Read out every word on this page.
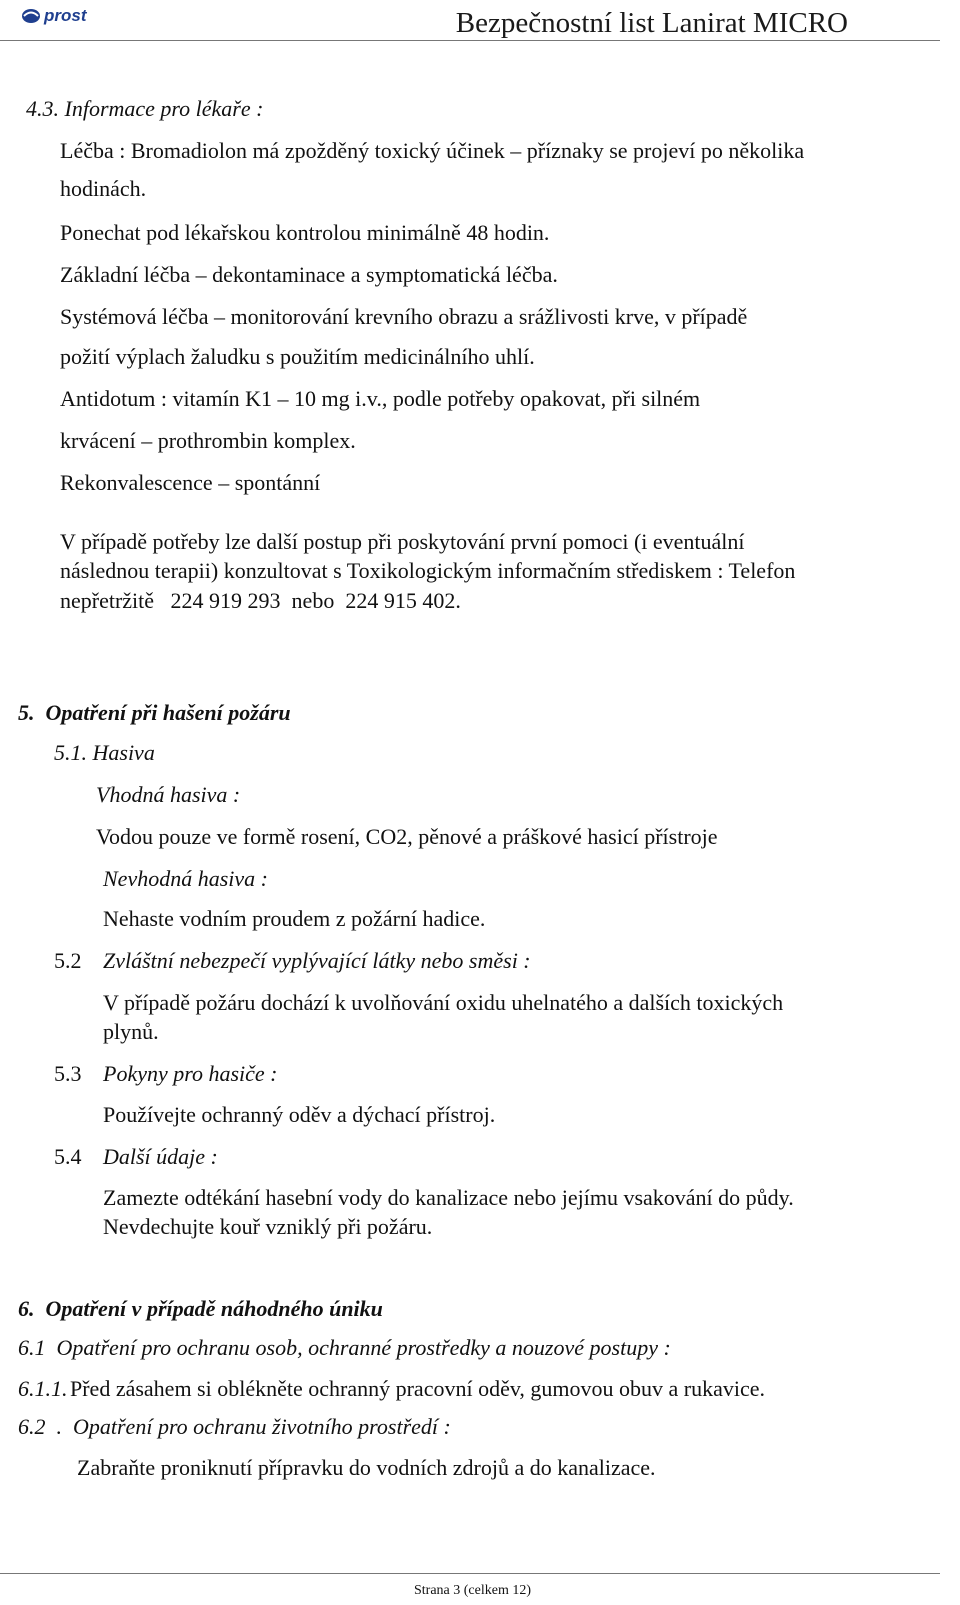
prost	Bezpečnostní list Lanirat MICRO
4.3. Informace pro lékaře :
Léčba : Bromadiolon má zpožděný toxický účinek – příznaky se projeví po několika
hodinách.
Ponechat pod lékařskou kontrolou minimálně 48 hodin.
Základní léčba – dekontaminace a symptomatická léčba.
Systémová léčba – monitorování krevního obrazu a srážlivosti krve, v případě
požití výplach žaludku s použitím medicinálního uhlí.
Antidotum : vitamín K1 – 10 mg i.v., podle potřeby opakovat, při silném
krvácení – prothrombin komplex.
Rekonvalescence – spontánní
V případě potřeby lze další postup při poskytování první pomoci (i eventuální
následnou terapii) konzultovat s Toxikologickým informačním střediskem : Telefon
nepřetržitě   224 919 293  nebo  224 915 402.
5.  Opatření při hašení požáru
5.1. Hasiva
Vhodná hasiva :
Vodou pouze ve formě rosení, CO2, pěnové a práškové hasicí přístroje
Nevhodná hasiva :
Nehaste vodním proudem z požární hadice.
5.2 Zvláštní nebezpečí vyplývající látky nebo směsi :
V případě požáru dochází k uvolňování oxidu uhelnatého a dalších toxických
plynů.
5.3 Pokyny pro hasiče :
Používejte ochranný oděv a dýchací přístroj.
5.4 Další údaje :
Zamezte odtékání hasební vody do kanalizace nebo jejímu vsakování do půdy.
Nevdechujte kouř vzniklý při požáru.
6.  Opatření v případě náhodného úniku
6.1  Opatření pro ochranu osob, ochranné prostředky a nouzové postupy :
6.1.1. Před zásahem si oblékněte ochranný pracovní oděv, gumovou obuv a rukavice.
6.2  .  Opatření pro ochranu životního prostředí :
Zabraňte proniknutí přípravku do vodních zdrojů a do kanalizace.
Strana 3 (celkem 12)
